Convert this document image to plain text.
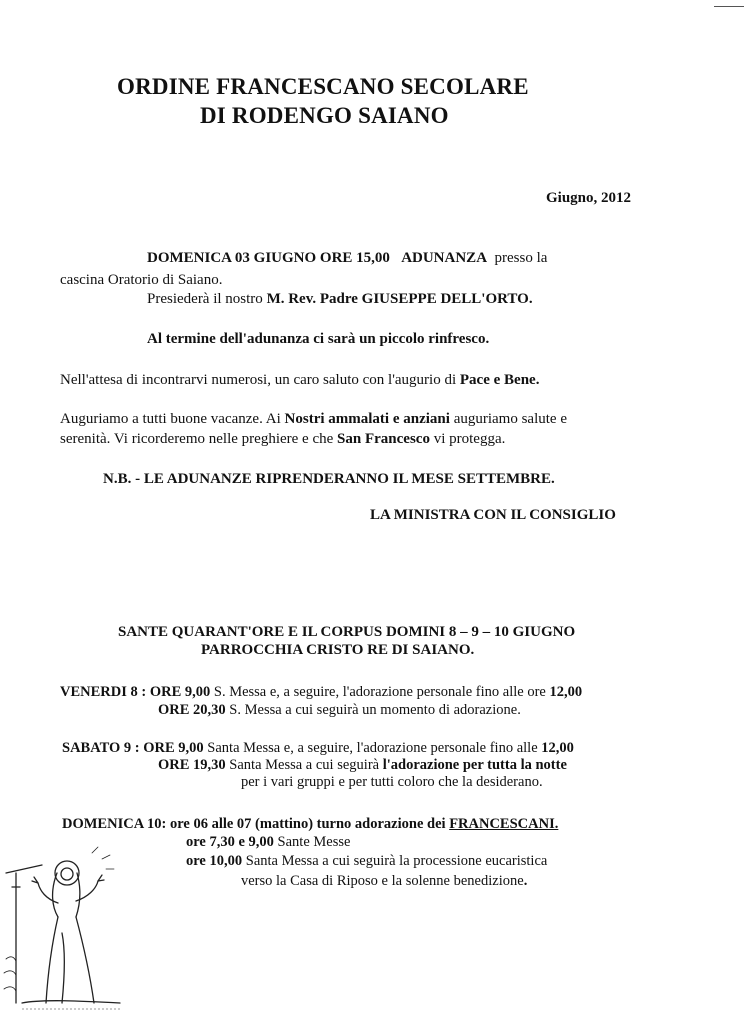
ORDINE FRANCESCANO SECOLARE
DI RODENGO SAIANO
Giugno, 2012
DOMENICA 03 GIUGNO ORE 15,00 ADUNANZA presso la
cascina Oratorio di Saiano.
Presiederà il nostro M. Rev. Padre GIUSEPPE DELL'ORTO.
Al termine dell'adunanza ci sarà un piccolo rinfresco.
Nell'attesa di incontrarvi numerosi, un caro saluto con l'augurio di Pace e Bene.
Auguriamo a tutti buone vacanze. Ai Nostri ammalati e anziani auguriamo salute e
serenità. Vi ricorderemo nelle preghiere e che San Francesco vi protegga.
N.B. - LE ADUNANZE RIPRENDERANNO IL MESE SETTEMBRE.
LA MINISTRA CON IL CONSIGLIO
SANTE QUARANT'ORE E IL CORPUS DOMINI 8 – 9 – 10 GIUGNO
PARROCCHIA CRISTO RE DI SAIANO.
VENERDI 8 : ORE 9,00 S. Messa e, a seguire, l'adorazione personale fino alle ore 12,00
ORE 20,30 S. Messa a cui seguirà un momento di adorazione.
SABATO 9 : ORE 9,00 Santa Messa e, a seguire, l'adorazione personale fino alle 12,00
ORE 19,30 Santa Messa a cui seguirà l'adorazione per tutta la notte
per i vari gruppi e per tutti coloro che la desiderano.
DOMENICA 10: ore 06 alle 07 (mattino) turno adorazione dei FRANCESCANI.
ore 7,30 e 9,00 Sante Messe
ore 10,00 Santa Messa a cui seguirà la processione eucaristica
verso la Casa di Riposo e la solenne benedizione.
